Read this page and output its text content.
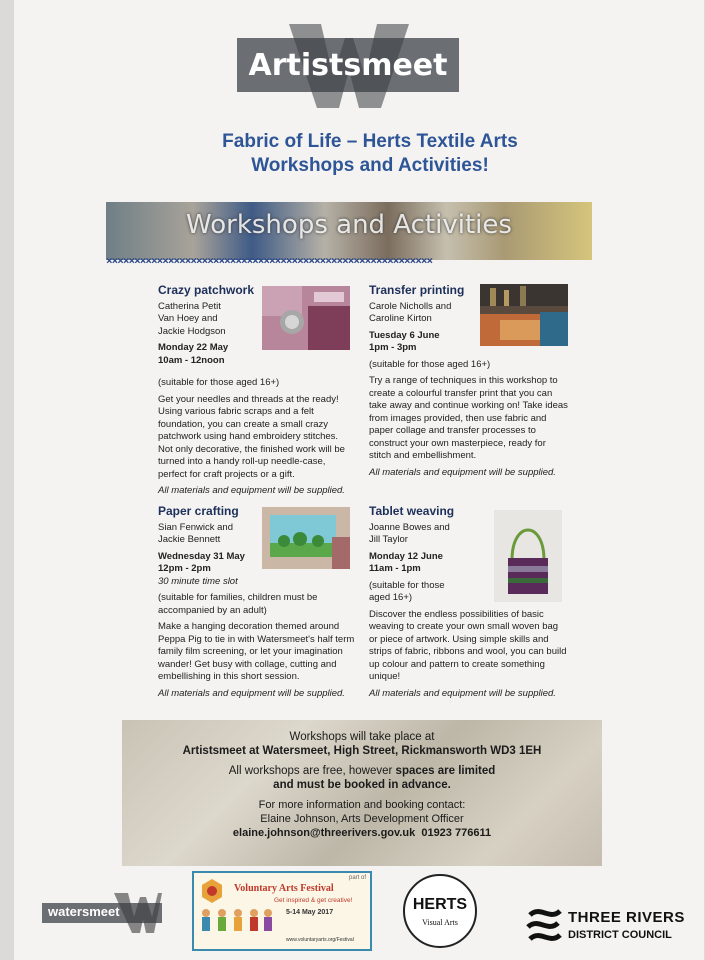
Artistsmeet
Fabric of Life – Herts Textile Arts
Workshops and Activities!
Workshops and Activities
××××××××××××××××××××××××××××××××××××××××××××××××××××××××××
Crazy patchwork

Catherina Petit
Van Hoey and
Jackie Hodgson

Monday 22 May

10am - 12noon

(suitable for those aged 16+)

Get your needles and threads at the ready! Using various fabric scraps and a felt foundation, you can create a small crazy patchwork using hand embroidery stitches. Not only decorative, the finished work will be turned into a handy roll-up needle-case, perfect for craft projects or a gift.

All materials and equipment will be supplied.

Transfer printing

Carole Nicholls and
Caroline Kirton

Tuesday 6 June

1pm - 3pm

(suitable for those aged 16+)

Try a range of techniques in this workshop to create a colourful transfer print that you can take away and continue working on! Take ideas from images provided, then use fabric and paper collage and transfer processes to construct your own masterpiece, ready for stitch and embellishment.

All materials and equipment will be supplied.

Paper crafting

Sian Fenwick and
Jackie Bennett

Wednesday 31 May

12pm - 2pm

30 minute time slot

(suitable for families, children must be accompanied by an adult)

Make a hanging decoration themed around Peppa Pig to tie in with Watersmeet's half term family film screening, or let your imagination wander! Get busy with collage, cutting and embellishing in this short session.

All materials and equipment will be supplied.

Tablet weaving

Joanne Bowes and
Jill Taylor

Monday 12 June

11am - 1pm

(suitable for those aged 16+)

Discover the endless possibilities of basic weaving to create your own small woven bag or piece of artwork. Using simple skills and strips of fabric, ribbons and wool, you can build up colour and pattern to create something unique!

All materials and equipment will be supplied.

Workshops will take place at

Artistsmeet at Watersmeet, High Street, Rickmansworth WD3 1EH

All workshops are free, however spaces are limited

and must be booked in advance.

For more information and booking contact:

Elaine Johnson, Arts Development Officer

elaine.johnson@threerivers.gov.uk 01923 776611

watersmeet
part of
Voluntary Arts Festival
Get inspired & get creative!
5-14 May 2017
www.voluntaryarts.org/Festival
HERTS
Visual Arts	THREE RIVERS
DISTRICT COUNCIL
